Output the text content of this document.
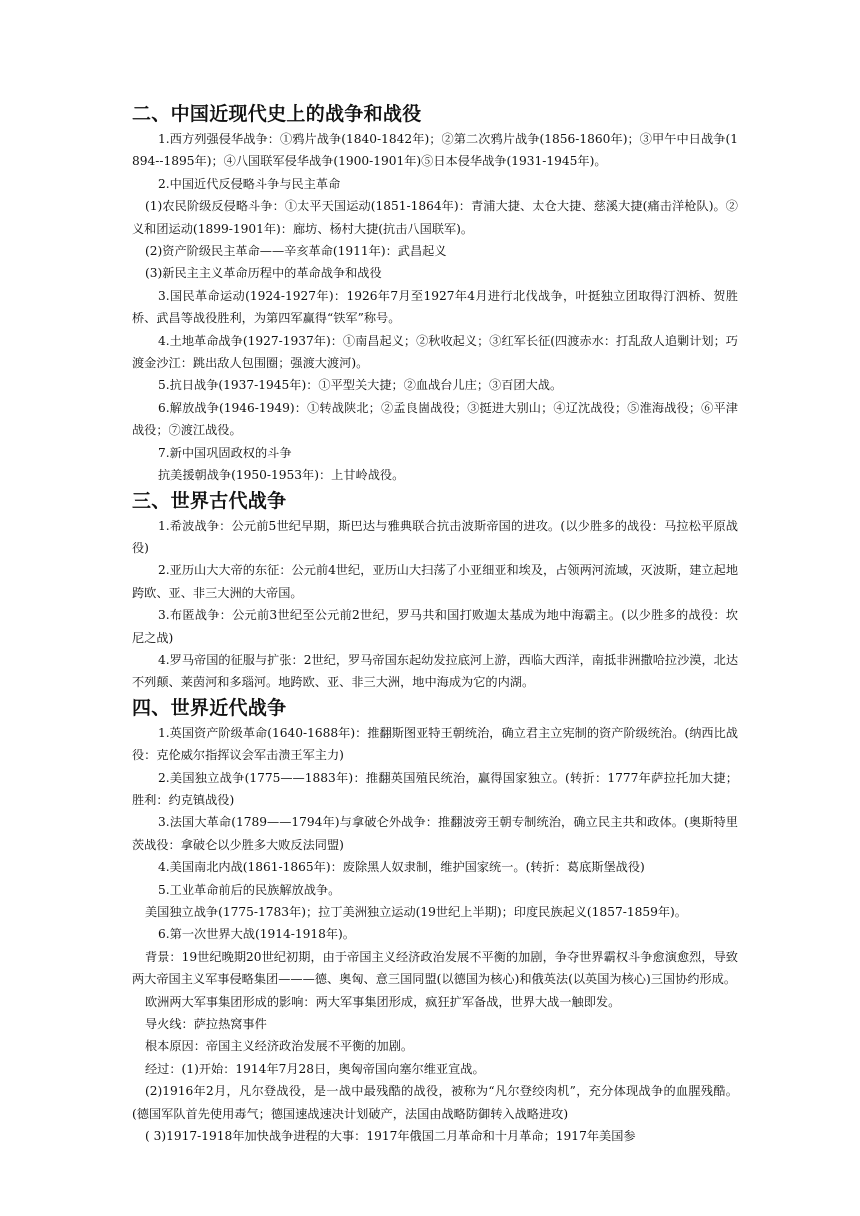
二、中国近现代史上的战争和战役

1.西方列强侵华战争：①鸦片战争(1840-1842年)；②第二次鸦片战争(1856-1860年)；③甲午中日战争(1894--1895年)；④八国联军侵华战争(1900-1901年)⑤日本侵华战争(1931-1945年)。

2.中国近代反侵略斗争与民主革命

(1)农民阶级反侵略斗争：①太平天国运动(1851-1864年)：青浦大捷、太仓大捷、慈溪大捷(痛击洋枪队)。②义和团运动(1899-1901年)：廊坊、杨村大捷(抗击八国联军)。

(2)资产阶级民主革命——辛亥革命(1911年)：武昌起义

(3)新民主主义革命历程中的革命战争和战役

3.国民革命运动(1924-1927年)：1926年7月至1927年4月进行北伐战争，叶挺独立团取得汀泗桥、贺胜桥、武昌等战役胜利，为第四军赢得“铁军”称号。

4.土地革命战争(1927-1937年)：①南昌起义；②秋收起义；③红军长征(四渡赤水：打乱敌人追剿计划；巧渡金沙江：跳出敌人包围圈；强渡大渡河)。

5.抗日战争(1937-1945年)：①平型关大捷；②血战台儿庄；③百团大战。

6.解放战争(1946-1949)：①转战陕北；②孟良崮战役；③挺进大别山；④辽沈战役；⑤淮海战役；⑥平津战役；⑦渡江战役。

7.新中国巩固政权的斗争

抗美援朝战争(1950-1953年)：上甘岭战役。

三、世界古代战争

1.希波战争：公元前5世纪早期，斯巴达与雅典联合抗击波斯帝国的进攻。(以少胜多的战役：马拉松平原战役)

2.亚历山大大帝的东征：公元前4世纪，亚历山大扫荡了小亚细亚和埃及，占领两河流域，灭波斯，建立起地跨欧、亚、非三大洲的大帝国。

3.布匿战争：公元前3世纪至公元前2世纪，罗马共和国打败迦太基成为地中海霸主。(以少胜多的战役：坎尼之战)

4.罗马帝国的征服与扩张：2世纪，罗马帝国东起幼发拉底河上游，西临大西洋，南抵非洲撒哈拉沙漠，北达不列颠、莱茵河和多瑙河。地跨欧、亚、非三大洲，地中海成为它的内湖。

四、世界近代战争

1.英国资产阶级革命(1640-1688年)：推翻斯图亚特王朝统治，确立君主立宪制的资产阶级统治。(纳西比战役：克伦威尔指挥议会军击溃王军主力)

2.美国独立战争(1775——1883年)：推翻英国殖民统治，赢得国家独立。(转折：1777年萨拉托加大捷；胜利：约克镇战役)

3.法国大革命(1789——1794年)与拿破仑外战争：推翻波旁王朝专制统治，确立民主共和政体。(奥斯特里茨战役：拿破仑以少胜多大败反法同盟)

4.美国南北内战(1861-1865年)：废除黑人奴隶制，维护国家统一。(转折：葛底斯堡战役)

5.工业革命前后的民族解放战争。

美国独立战争(1775-1783年)；拉丁美洲独立运动(19世纪上半期)；印度民族起义(1857-1859年)。

6.第一次世界大战(1914-1918年)。

背景：19世纪晚期20世纪初期，由于帝国主义经济政治发展不平衡的加剧，争夺世界霸权斗争愈演愈烈，导致两大帝国主义军事侵略集团———德、奥匈、意三国同盟(以德国为核心)和俄英法(以英国为核心)三国协约形成。

欧洲两大军事集团形成的影响：两大军事集团形成，疯狂扩军备战，世界大战一触即发。

导火线：萨拉热窝事件

根本原因：帝国主义经济政治发展不平衡的加剧。

经过：(1)开始：1914年7月28日，奥匈帝国向塞尔维亚宣战。

(2)1916年2月，凡尔登战役，是一战中最残酷的战役，被称为“凡尔登绞肉机”，充分体现战争的血腥残酷。(德国军队首先使用毒气；德国速战速决计划破产，法国由战略防御转入战略进攻)

( 3)1917-1918年加快战争进程的大事：1917年俄国二月革命和十月革命；1917年美国参
